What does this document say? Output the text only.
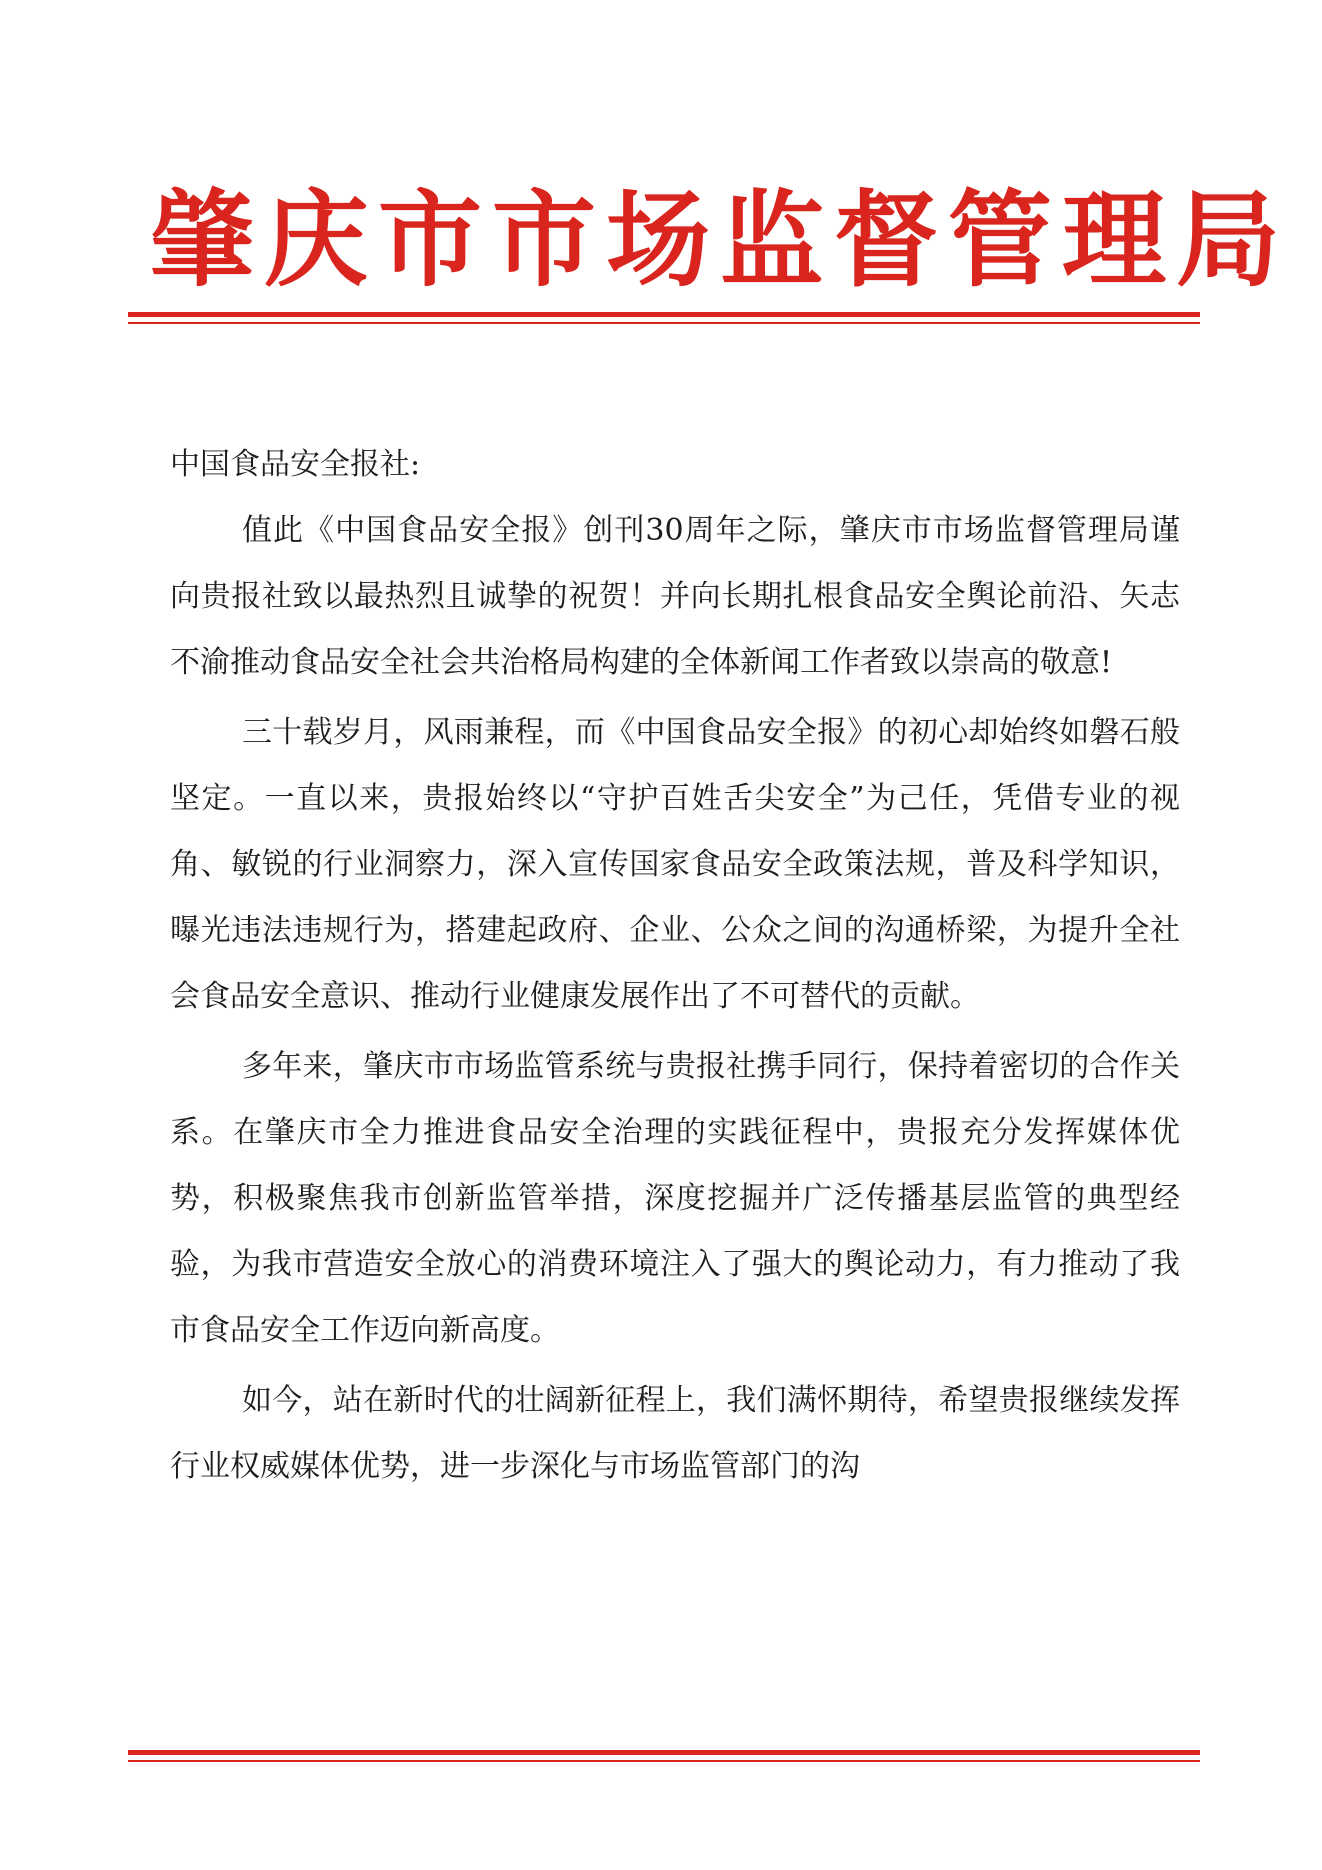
肇庆市市场监督管理局

中国食品安全报社:

值此《中国食品安全报》创刊30周年之际，肇庆市市场监督管理局谨向贵报社致以最热烈且诚挚的祝贺！并向长期扎根食品安全舆论前沿、矢志不渝推动食品安全社会共治格局构建的全体新闻工作者致以崇高的敬意!

三十载岁月，风雨兼程，而《中国食品安全报》的初心却始终如磐石般坚定。一直以来，贵报始终以“守护百姓舌尖安全”为己任，凭借专业的视角、敏锐的行业洞察力，深入宣传国家食品安全政策法规，普及科学知识，曝光违法违规行为，搭建起政府、企业、公众之间的沟通桥梁，为提升全社会食品安全意识、推动行业健康发展作出了不可替代的贡献。

多年来，肇庆市市场监管系统与贵报社携手同行，保持着密切的合作关系。在肇庆市全力推进食品安全治理的实践征程中，贵报充分发挥媒体优势，积极聚焦我市创新监管举措，深度挖掘并广泛传播基层监管的典型经验，为我市营造安全放心的消费环境注入了强大的舆论动力，有力推动了我市食品安全工作迈向新高度。

如今，站在新时代的壮阔新征程上，我们满怀期待，希望贵报继续发挥行业权威媒体优势，进一步深化与市场监管部门的沟
